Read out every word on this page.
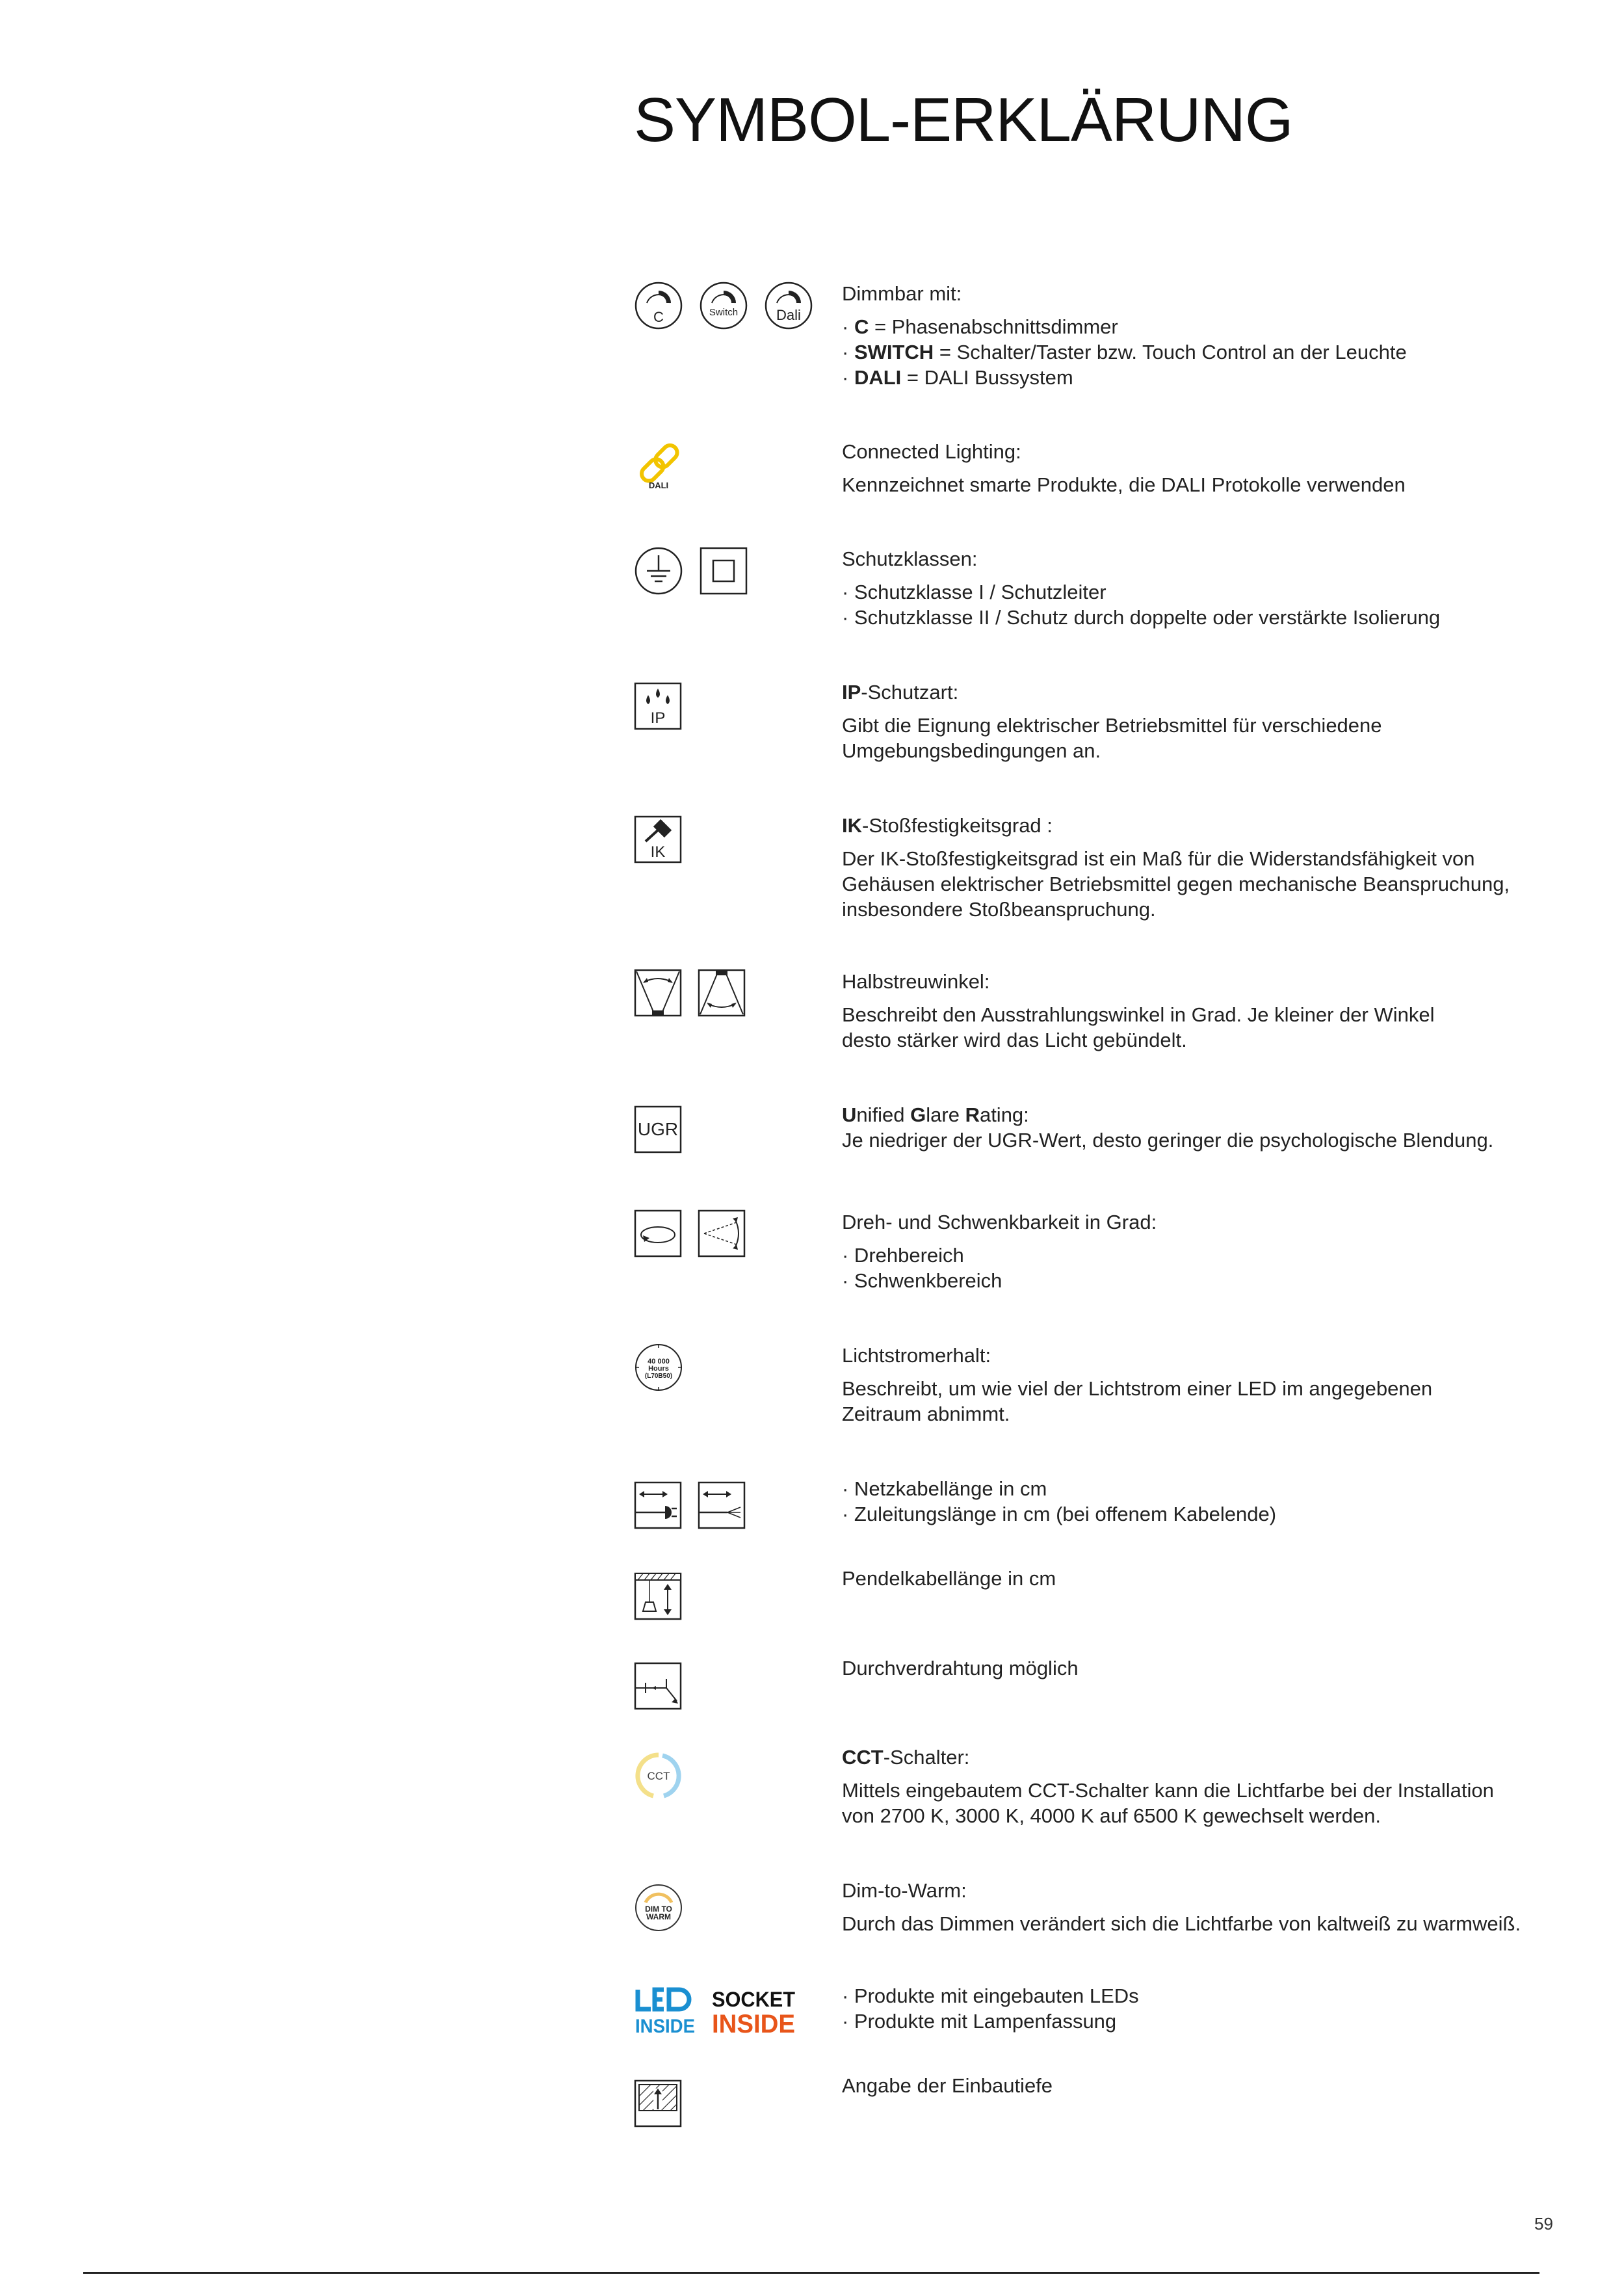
SYMBOL-ERKLÄRUNG
C	Switch	Dali
Dimmbar mit:
· C = Phasenabschnittsdimmer
· SWITCH = Schalter/Taster bzw. Touch Control an der Leuchte
· DALI = DALI Bussystem
DALI
Connected Lighting:
Kennzeichnet smarte Produkte, die DALI Protokolle verwenden
Schutzklassen:
· Schutzklasse I / Schutzleiter
· Schutzklasse II / Schutz durch doppelte oder verstärkte Isolierung
IP
IP-Schutzart:
Gibt die Eignung elektrischer Betriebsmittel für verschiedene
Umgebungsbedingungen an.
IK
IK-Stoßfestigkeitsgrad :
Der IK-Stoßfestigkeitsgrad ist ein Maß für die Widerstandsfähigkeit von
Gehäusen elektrischer Betriebsmittel gegen mechanische Beanspruchung,
insbesondere Stoßbeanspruchung.
Halbstreuwinkel:
Beschreibt den Ausstrahlungswinkel in Grad. Je kleiner der Winkel
desto stärker wird das Licht gebündelt.
UGR
Unified Glare Rating:
Je niedriger der UGR-Wert, desto geringer die psychologische Blendung.
Dreh- und Schwenkbarkeit in Grad:
· Drehbereich
· Schwenkbereich
40 000
Hours
(L70B50)
Lichtstromerhalt:
Beschreibt, um wie viel der Lichtstrom einer LED im angegebenen
Zeitraum abnimmt.
· Netzkabellänge in cm
· Zuleitungslänge in cm (bei offenem Kabelende)
Pendelkabellänge in cm
Durchverdrahtung möglich
CCT
CCT-Schalter:
Mittels eingebautem CCT-Schalter kann die Lichtfarbe bei der Installation
von 2700 K, 3000 K, 4000 K auf 6500 K gewechselt werden.
DIM TO
WARM
Dim-to-Warm:
Durch das Dimmen verändert sich die Lichtfarbe von kaltweiß zu warmweiß.
INSIDE
SOCKET
INSIDE
· Produkte mit eingebauten LEDs
· Produkte mit Lampenfassung
Angabe der Einbautiefe
59
